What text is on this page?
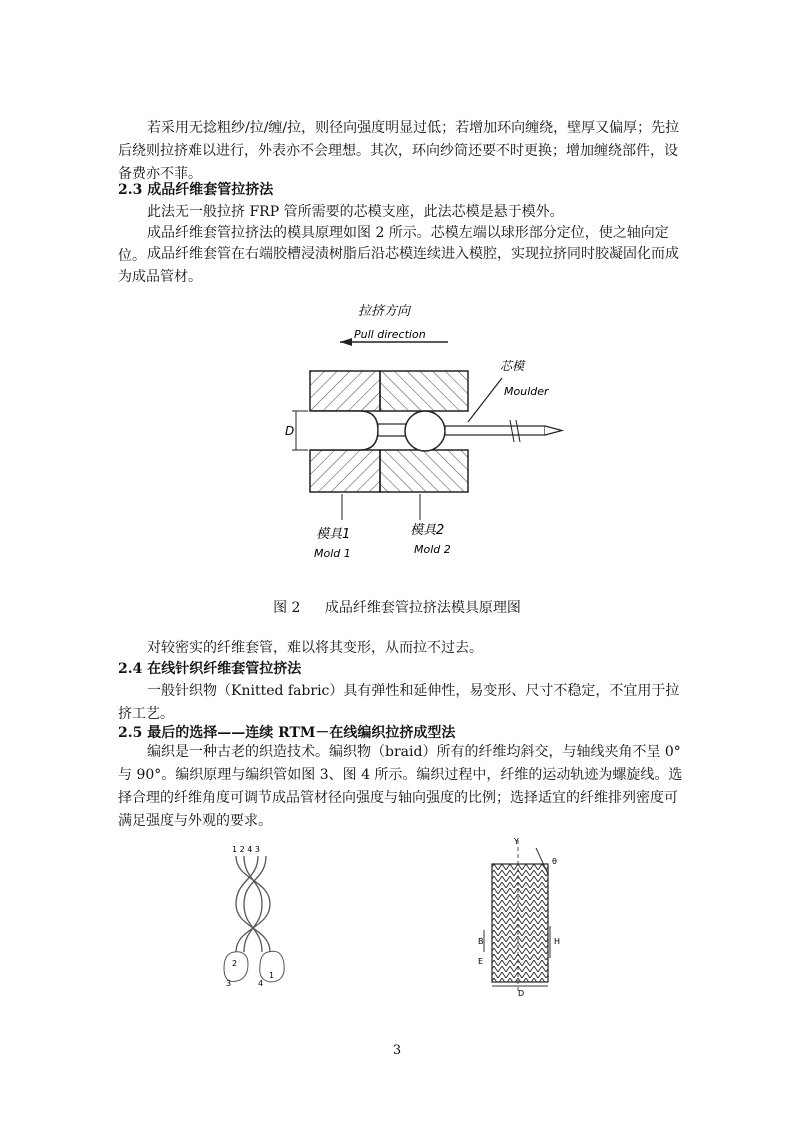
若采用无捻粗纱/拉/缠/拉，则径向强度明显过低；若增加环向缠绕，壁厚又偏厚；先拉后绕则拉挤难以进行，外表亦不会理想。其次，环向纱筒还要不时更换；增加缠绕部件，设备费亦不菲。

2.3 成品纤维套管拉挤法

此法无一般拉挤 FRP 管所需要的芯模支座，此法芯模是悬于模外。

成品纤维套管拉挤法的模具原理如图 2 所示。芯模左端以球形部分定位，使之轴向定位。 成品纤维套管在右端胶槽浸渍树脂后沿芯模连续进入模腔，实现拉挤同时胶凝固化而成为成品管材。

拉挤方向
Pull direction
芯模
Moulder
D
模具1
Mold 1
模具2
Mold 2
图 2 成品纤维套管拉挤法模具原理图

对较密实的纤维套管，难以将其变形，从而拉不过去。

2.4 在线针织纤维套管拉挤法

一般针织物（Knitted fabric）具有弹性和延伸性，易变形、尺寸不稳定，不宜用于拉挤工艺。

2.5 最后的选择——连续 RTM－在线编织拉挤成型法

编织是一种古老的织造技术。编织物（braid）所有的纤维均斜交，与轴线夹角不呈 0°与 90°。编织原理与编织管如图 3、图 4 所示。编织过程中，纤维的运动轨迹为螺旋线。选择合理的纤维角度可调节成品管材径向强度与轴向强度的比例；选择适宜的纤维排列密度可满足强度与外观的要求。

1 2 4 3
1
2
3	4
Y
θ
B
E
H
D
3
